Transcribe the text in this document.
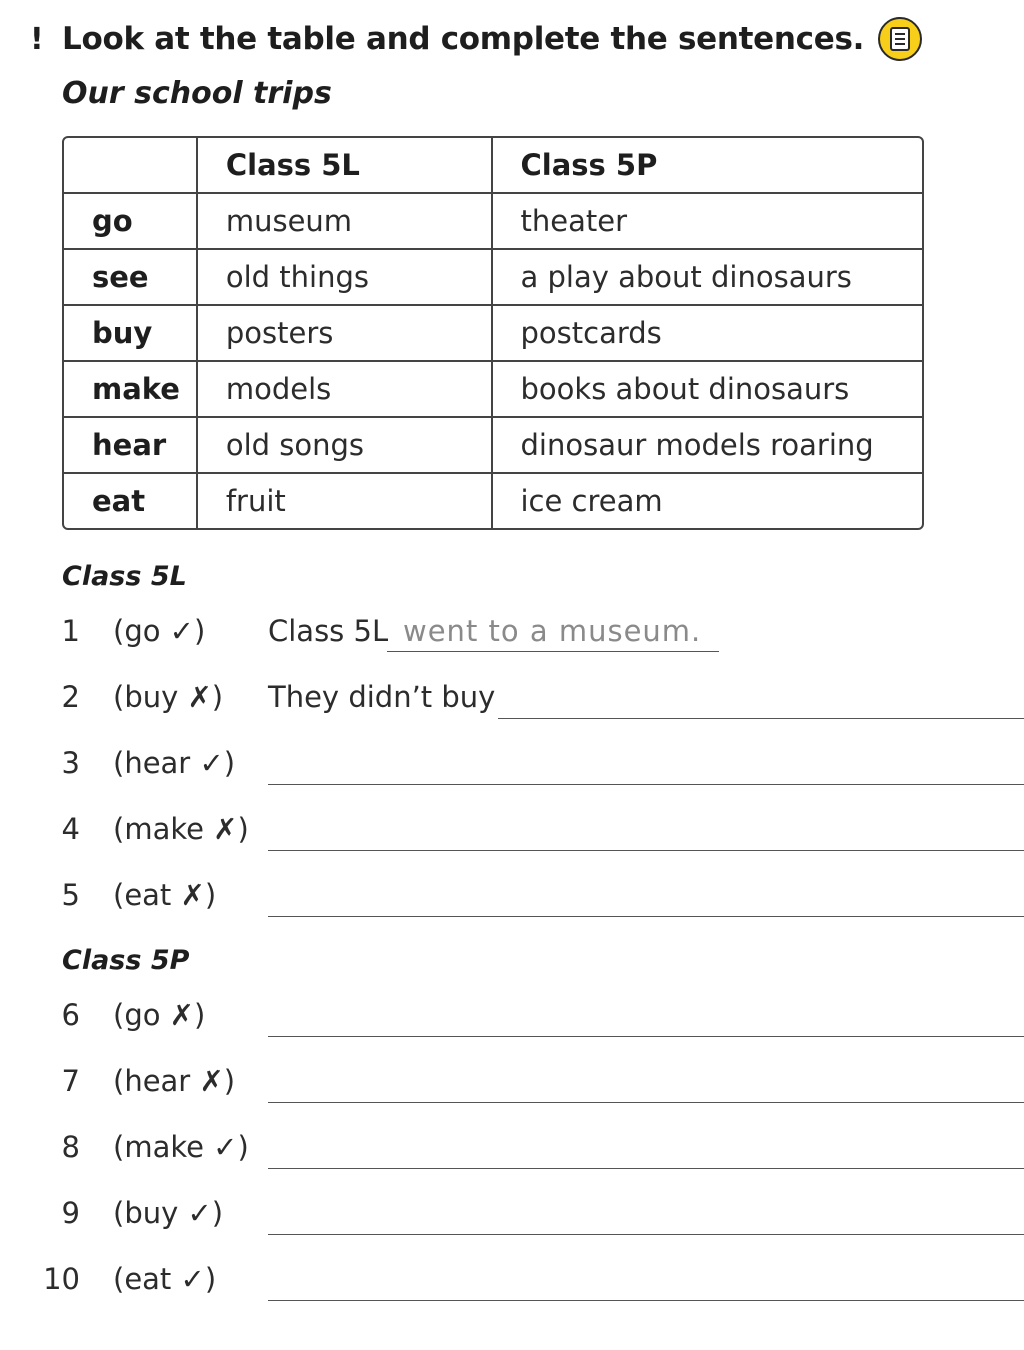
! Look at the table and complete the sentences.
Our school trips
	Class 5L	Class 5P
go	museum	theater
see	old things	a play about dinosaurs
buy	posters	postcards
make	models	books about dinosaurs
hear	old songs	dinosaur models roaring
eat	fruit	ice cream
Class 5L
1 (go ✓) Class 5L went to a museum.
2 (buy ✗) They didn’t buy
3 (hear ✓)
4 (make ✗)
5 (eat ✗)
Class 5P
6 (go ✗)
7 (hear ✗)
8 (make ✓)
9 (buy ✓)
10 (eat ✓)
